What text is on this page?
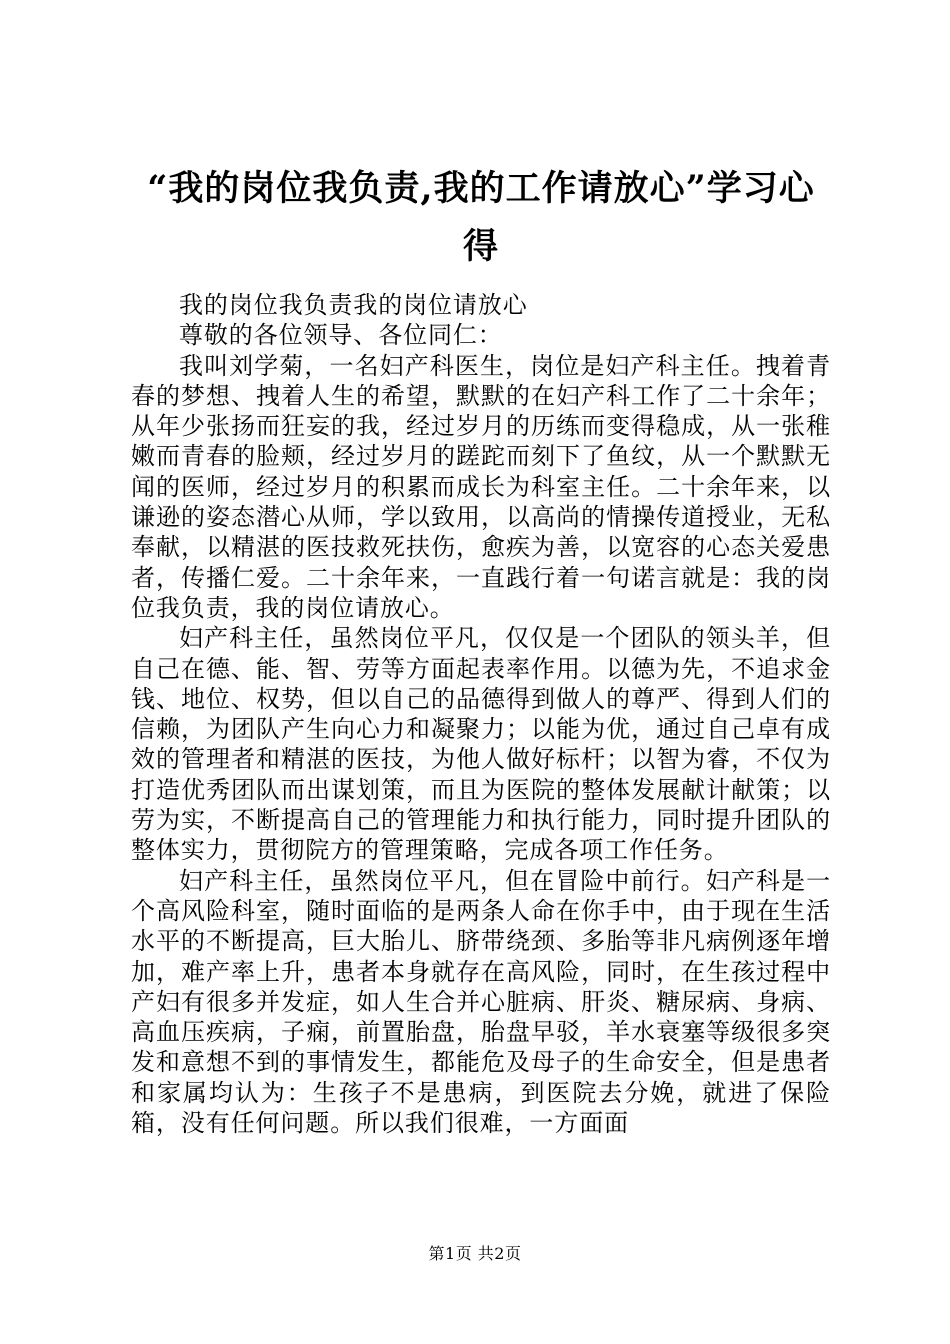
“我的岗位我负责,我的工作请放心”学习心得

我的岗位我负责我的岗位请放心

尊敬的各位领导、各位同仁：

我叫刘学菊，一名妇产科医生，岗位是妇产科主任。拽着青春的梦想、拽着人生的希望，默默的在妇产科工作了二十余年；从年少张扬而狂妄的我，经过岁月的历练而变得稳成，从一张稚嫩而青春的脸颊，经过岁月的蹉跎而刻下了鱼纹，从一个默默无闻的医师，经过岁月的积累而成长为科室主任。二十余年来，以谦逊的姿态潜心从师，学以致用，以高尚的情操传道授业，无私奉献，以精湛的医技救死扶伤，愈疾为善，以宽容的心态关爱患者，传播仁爱。二十余年来，一直践行着一句诺言就是：我的岗位我负责，我的岗位请放心。

妇产科主任，虽然岗位平凡，仅仅是一个团队的领头羊，但自己在德、能、智、劳等方面起表率作用。以德为先，不追求金钱、地位、权势，但以自己的品德得到做人的尊严、得到人们的信赖，为团队产生向心力和凝聚力；以能为优，通过自己卓有成效的管理者和精湛的医技，为他人做好标杆；以智为睿，不仅为打造优秀团队而出谋划策，而且为医院的整体发展献计献策；以劳为实，不断提高自己的管理能力和执行能力，同时提升团队的整体实力，贯彻院方的管理策略，完成各项工作任务。

妇产科主任，虽然岗位平凡，但在冒险中前行。妇产科是一个高风险科室，随时面临的是两条人命在你手中，由于现在生活水平的不断提高，巨大胎儿、脐带绕颈、多胎等非凡病例逐年增加，难产率上升，患者本身就存在高风险，同时，在生孩过程中产妇有很多并发症，如人生合并心脏病、肝炎、糖尿病、身病、高血压疾病，子痫，前置胎盘，胎盘早驳，羊水衰塞等级很多突发和意想不到的事情发生，都能危及母子的生命安全，但是患者和家属均认为：生孩子不是患病，到医院去分娩，就进了保险箱，没有任何问题。所以我们很难，一方面面

第1页 共2页
